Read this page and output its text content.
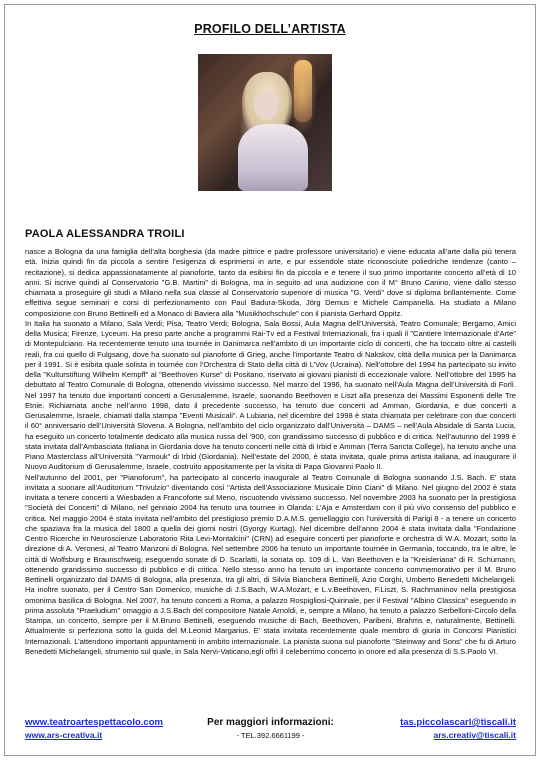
PROFILO DELL’ARTISTA
PAOLA ALESSANDRA TROILI

nasce a Bologna da una famiglia dell’alta borghesia (da madre pittrice e padre professore universitario) e viene educata all’arte dalla più tenera età. Inizia quindi fin da piccola a sentire l’esigenza di esprimersi in arte, e pur essendole state riconosciute poliedriche tendenze (canto – recitazione), si dedica appassionatamente al pianoforte, tanto da esibirsi fin da piccola e e tenere il suo primo importante concerto all’età di 10 anni. Si iscrive quindi al Conservatorio "G.B. Martini" di Bologna, ma in seguito ad una audizione con il M° Bruno Canino, viene dallo stesso chiamata a proseguire gli studi a Milano nella sua classe al Conservatorio superiore di musica "G. Verdi" dove si diploma brillantemente. Come effettiva segue seminari e corsi di perfezionamento con Paul Badura-Skoda, Jörg Demus e Michele Campanella. Ha studiato a Milano composizione con Bruno Bettinelli ed a Monaco di Baviera alla "Musikhochschule" con il pianista Gerhard Oppitz.

In Italia ha suonato a Milano, Sala Verdi; Pisa, Teatro Verdi; Bologna, Sala Bossi, Aula Magna dell’Università, Teatro Comunale; Bergamo, Amici della Musica; Firenze, Lyceum. Ha preso parte anche a programmi Rai-Tv ed a Festival Internazionali, fra i quali il "Cantiere Internazionale d’Arte" di Montepulciano. Ha recentemente tenuto una tournée in Danimarca nell’ambito di un importante ciclo di concerti, che ha toccato oltre ai castelli reali, fra cui quello di Fulgsang, dove ha suonato sul pianoforte di Grieg, anche l’importante Teatro di Nakskov, città della musica per la Danimarca per il 1991. Si è esibita quale solista in tournée con l’Orchestra di Stato della città di L’Vov (Ucraina). Nell’ottobre del 1994 ha partecipato su invito della "Kulturstiftung Wilhelm Kempff" al "Beethoven Kurse" di Positano, riservato ai giovani pianisti di eccezionale valore. Nell’ottobre del 1995 ha debuttato al Teatro Comunale di Bologna, ottenendo vivissimo successo. Nel marzo del 1996, ha suonato nell’Aula Magna dell’Università di Forlì. Nel 1997 ha tenuto due importanti concerti a Gerusalemme, Israele, suonando Beethoven e Liszt alla presenza dei Massimi Esponenti delle Tre Etnie. Richiamata anche nell’anno 1998, dato il precedente successo, ha tenuto due concerti ad Amman, Giordania, e due concerti a Gerusalemme, Israele, chiamati dalla stampa "Eventi Musicali". A Lubiana, nel dicembre del 1998 è stata chiamata per celebrare con due concerti il 60° anniversario dell’Università Slovena. A Bologna, nell’ambito del ciclo organizzato dall’Università – DAMS – nell’Aula Absidale di Santa Lucia, ha eseguito un concerto totalmente dedicato alla musica russa del ’900, con grandissimo successo di pubblico e di critica. Nell’autunno del 1999 è stata invitata dall’Ambasciata Italiana in Giordania dove ha tenuto concerti nelle città di Irbid e Amman (Terra Sancta College), ha tenuto anche una Piano Masterclass all’Università "Yarmouk" di Irbid (Giordania). Nell’estate del 2000, è stata invitata, quale prima artista italiana, ad inaugurare il Nuovo Auditorium di Gerusalemme, Israele, costruito appositamente per la visita di Papa Giovanni Paolo II.

Nell’autunno del 2001, per "Pianoforum", ha partecipato al concerto inaugurale al Teatro Comunale di Bologna suonando J.S. Bach. E’ stata invitata a suonare all’Auditorium "Trivulzio" diventando così "Artista dell’Associazione Musicale Dino Ciani" di Milano. Nel giugno del 2002 è stata invitata a tenere concerti a Wiesbaden a Francoforte sul Meno, riscuotendo vivissimo successo. Nel novembre 2003 ha suonato per la prestigiosa "Società dei Concerti" di Milano, nel gennaio 2004 ha tenuto una tournee in Olanda: L’Aja e Amsterdam con il più vivo consenso del pubblico e critica. Nel maggio 2004 è stata invitata nell’ambito del prestigioso premio D.A.M.S. gemellaggio con l’università di Parigi 8 - a tenere un concerto che spaziava fra la musica del 1800 a quella dei giorni nostri (Gyorgy Kurtag). Nel dicembre dell’anno 2004 è stata invitata dalla "Fondazione Centro Ricerche in Neuroscienze Laboratorio Rita Levi-Montalcini" (CRN) ad eseguire concerti per pianoforte e orchestra di W.A. Mozart, sotto la direzione di A. Veronesi, al Teatro Manzoni di Bologna. Nel settembre 2006 ha tenuto un importante tournée in Germania, toccando, tra le altre, le città di Wolfsburg e Braunschweig, eseguendo sonate di D. Scarlatti, la sonata op. 109 di L. Van Beethoven e la "Kreisleriana" di R. Schumann, ottenendo grandissimo successo di pubblico e di critica. Nello stesso anno ha tenuto un importante concerto commemorativo per il M. Bruno Bettinelli organizzato dal DAMS di Bologna, alla presenza, tra gli altri, di Silvia Bianchera Bettinelli, Azio Corghi, Umberto Benedetti Michelangeli. Ha inoltre suonato, per il Centro San Domenico, musiche di J.S.Bach, W.A.Mozart, e L.v.Beethoven, F.Liszt, S. Rachmaninov nella prestigiosa omonima basilica di Bologna. Nel 2007, ha tenuto concerti a Roma, a palazzo Rospigliosi-Quirinale, per il Festival "Albino Classica" eseguendo in prima assoluta "Praeludium" omaggio a J.S.Bach del compositore Natale Arnoldi, e, sempre a Milano, ha tenuto a palazzo Serbelloni-Circolo della Stampa, un concerto, sempre per il M.Bruno Bettinelli, eseguendo musiche di Bach, Beethoven, Paribeni, Brahms e, naturalmente, Bettinelli. Attualmente si perfeziona sotto la guida del M.Leonid Margarius. E’ stata invitata recentemente quale membro di giuria in Concorsi Pianistici Internazionali. L’attendono importanti appuntamenti in ambito internazionale. La pianista suona sul pianoforte "Steinway and Sons" che fu di Arturo Benedetti Michelangeli, strumento sul quale, in Sala Nervi-Vaticano,egli offrì il celeberrimo concerto in onore ed alla presenza di S.S.Paolo VI.

www.teatroartespettacolo.com
www.ars-creativa.it
Per maggiori informazioni:
- TEL.392.6661199 -
tas.piccolascarl@tiscali.it
ars.creativ@tiscali.it
